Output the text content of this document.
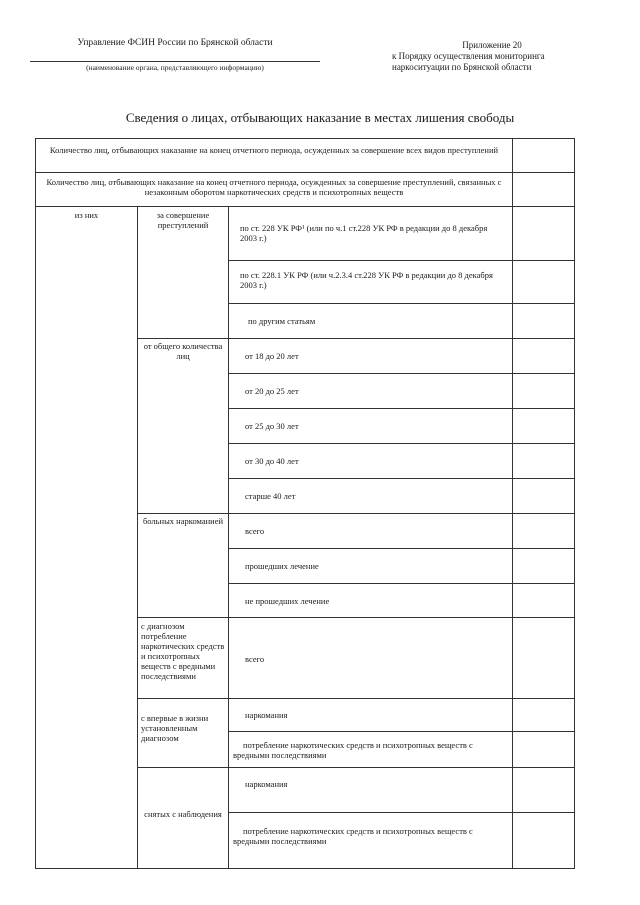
Управление ФСИН России по Брянской области
(наименование органа, представляющего информацию)
Приложение 20
к Порядку осуществления мониторинга
наркоситуации по Брянской области
Сведения о лицах, отбывающих наказание в местах лишения свободы
Количество лиц, отбывающих наказание на конец отчетного периода, осужденных за совершение всех видов преступлений
Количество лиц, отбывающих наказание на конец отчетного периода, осужденных за совершение преступлений, связанных с незаконным оборотом наркотических средств и психотропных веществ
из них	за совершение преступлений
от общего количества лиц
больных наркоманией
с диагнозом потребление наркотических средств и психотропных веществ с вредными последствиями
с впервые в жизни установленным диагнозом
снятых с наблюдения
по ст. 228 УК РФ¹ (или по ч.1 ст.228 УК РФ в редакции до 8 декабря 2003 г.)
по ст. 228.1 УК РФ (или ч.2.3.4 ст.228 УК РФ в редакции до 8 декабря 2003 г.)
по другим статьям
от 18 до 20 лет
от 20 до 25 лет
от 25 до 30 лет
от 30 до 40 лет
старше 40 лет
всего
прошедших лечение
не прошедших лечение
всего
наркомания
потребление наркотических средств и психотропных веществ с вредными последствиями
наркомания
потребление наркотических средств и психотропных веществ с вредными последствиями
